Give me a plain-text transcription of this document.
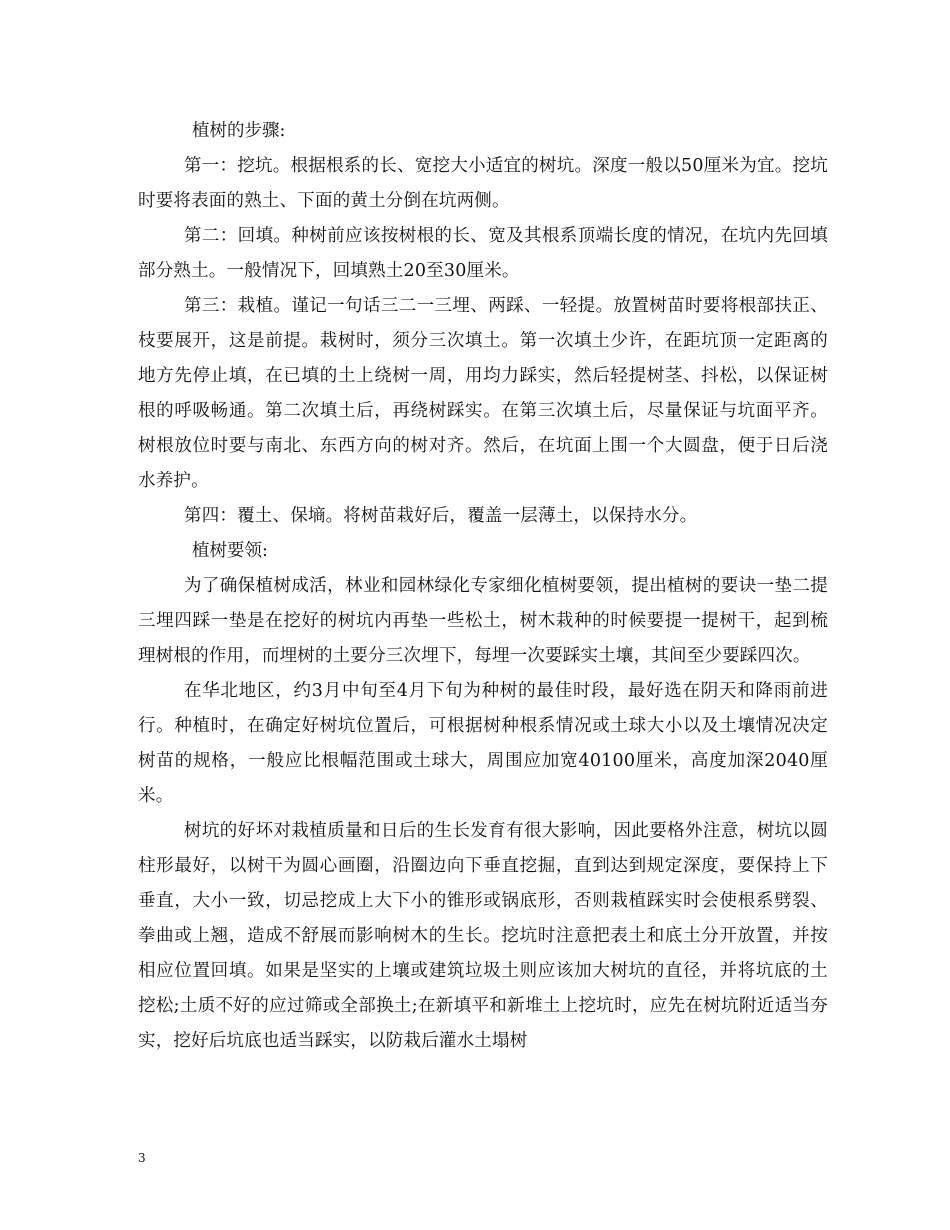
植树的步骤:

第一：挖坑。根据根系的长、宽挖大小适宜的树坑。深度一般以50厘米为宜。挖坑时要将表面的熟土、下面的黄土分倒在坑两侧。

第二：回填。种树前应该按树根的长、宽及其根系顶端长度的情况，在坑内先回填部分熟土。一般情况下，回填熟土20至30厘米。

第三：栽植。谨记一句话三二一三埋、两踩、一轻提。放置树苗时要将根部扶正、枝要展开，这是前提。栽树时，须分三次填土。第一次填土少许，在距坑顶一定距离的地方先停止填，在已填的土上绕树一周，用均力踩实，然后轻提树茎、抖松，以保证树根的呼吸畅通。第二次填土后，再绕树踩实。在第三次填土后，尽量保证与坑面平齐。树根放位时要与南北、东西方向的树对齐。然后，在坑面上围一个大圆盘，便于日后浇水养护。

第四：覆土、保墒。将树苗栽好后，覆盖一层薄土，以保持水分。

植树要领:

为了确保植树成活，林业和园林绿化专家细化植树要领，提出植树的要诀一垫二提三埋四踩一垫是在挖好的树坑内再垫一些松土，树木栽种的时候要提一提树干，起到梳理树根的作用，而埋树的土要分三次埋下，每埋一次要踩实土壤，其间至少要踩四次。

在华北地区，约3月中旬至4月下旬为种树的最佳时段，最好选在阴天和降雨前进行。种植时，在确定好树坑位置后，可根据树种根系情况或土球大小以及土壤情况决定树苗的规格，一般应比根幅范围或土球大，周围应加宽40100厘米，高度加深2040厘米。

树坑的好坏对栽植质量和日后的生长发育有很大影响，因此要格外注意，树坑以圆柱形最好，以树干为圆心画圈，沿圈边向下垂直挖掘，直到达到规定深度，要保持上下垂直，大小一致，切忌挖成上大下小的锥形或锅底形，否则栽植踩实时会使根系劈裂、拳曲或上翘，造成不舒展而影响树木的生长。挖坑时注意把表土和底土分开放置，并按相应位置回填。如果是坚实的上壤或建筑垃圾土则应该加大树坑的直径，并将坑底的土挖松;土质不好的应过筛或全部换土;在新填平和新堆土上挖坑时，应先在树坑附近适当夯实，挖好后坑底也适当踩实，以防栽后灌水土塌树

3
